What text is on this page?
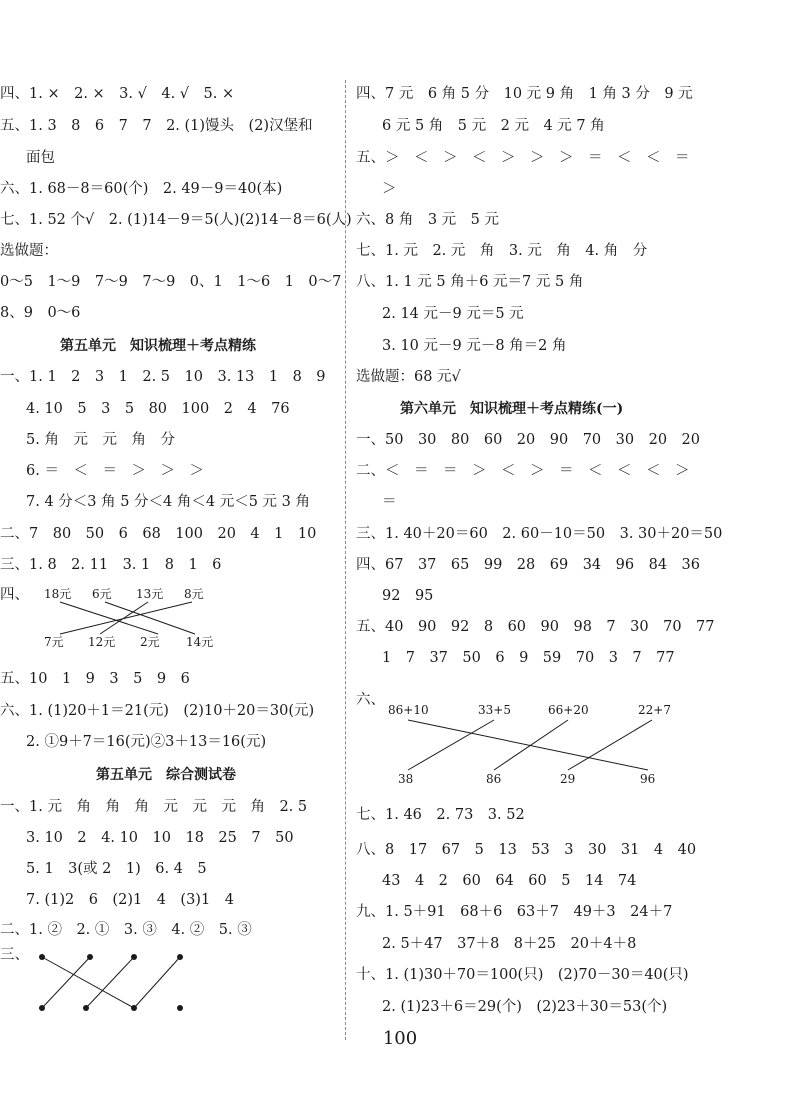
四、1. ×　2. ×　3. √　4. √　5. ×
五、1. 3　8　6　7　7　2. (1)馒头　(2)汉堡和
面包
六、1. 68－8＝60(个)　2. 49－9＝40(本)
七、1. 52 个√　2. (1)14－9＝5(人)(2)14－8＝6(人)
选做题：
0～5　1～9　7～9　7～9　0、1　1～6　1　0～7
8、9　0～6
第五单元　知识梳理＋考点精练
一、1. 1　2　3　1　2. 5　10　3. 13　1　8　9
4. 10　5　3　5　80　100　2　4　76
5. 角　元　元　角　分
6. ＝　＜　＝　＞　＞　＞
7. 4 分＜3 角 5 分＜4 角＜4 元＜5 元 3 角
二、7　80　50　6　68　100　20　4　1　10
三、1. 8　2. 11　3. 1　8　1　6
四、 18元 6元 13元 8元
7元 12元 2元 14元
五、10　1　9　3　5　9　6
六、1. (1)20＋1＝21(元)　(2)10＋20＝30(元)
2. ①9＋7＝16(元)②3＋13＝16(元)
第五单元　综合测试卷
一、1. 元　角　角　角　元　元　元　角　2. 5
3. 10　2　4. 10　10　18　25　7　50
5. 1　3(或 2　1)　6. 4　5
7. (1)2　6　(2)1　4　(3)1　4
二、1. ②　2. ①　3. ③　4. ②　5. ③
三、
四、7 元　6 角 5 分　10 元 9 角　1 角 3 分　9 元
6 元 5 角　5 元　2 元　4 元 7 角
五、＞　＜　＞　＜　＞　＞　＞　＝　＜　＜　＝
＞
六、8 角　3 元　5 元
七、1. 元　2. 元　角　3. 元　角　4. 角　分
八、1. 1 元 5 角＋6 元＝7 元 5 角
2. 14 元－9 元＝5 元
3. 10 元－9 元－8 角＝2 角
选做题：68 元√
第六单元　知识梳理＋考点精练(一)
一、50　30　80　60　20　90　70　30　20　20
二、＜　＝　＝　＞　＜　＞　＝　＜　＜　＜　＞
＝
三、1. 40＋20＝60　2. 60－10＝50　3. 30＋20＝50
四、67　37　65　99　28　69　34　96　84　36
92　95
五、40　90　92　8　60　90　98　7　30　70　77
1　7　37　50　6　9　59　70　3　7　77
六、
86+10	33+5	66+20	22+7
38	86	29	96
七、1. 46　2. 73　3. 52
八、8　17　67　5　13　53　3　30　31　4　40
43　4　2　60　64　60　5　14　74
九、1. 5＋91　68＋6　63＋7　49＋3　24＋7
2. 5＋47　37＋8　8＋25　20＋4＋8
十、1. (1)30＋70＝100(只)　(2)70－30＝40(只)
2. (1)23＋6＝29(个)　(2)23＋30＝53(个)
100
